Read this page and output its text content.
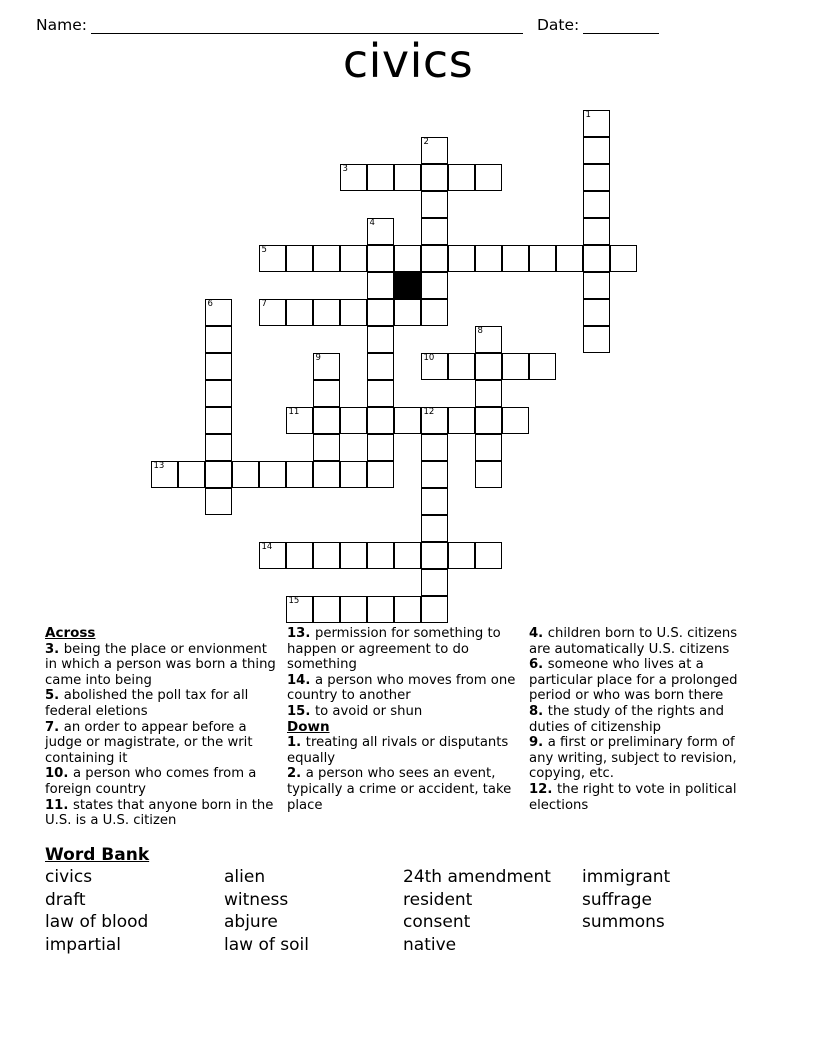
Name:	Date:
civics
1
2
3
4
5
6	7
8
9	10
11	12
13
14
15
Across
3. being the place or envionment in which a person was born a thing came into being
5. abolished the poll tax for all federal eletions
7. an order to appear before a judge or magistrate, or the writ containing it
10. a person who comes from a foreign country
11. states that anyone born in the U.S. is a U.S. citizen
13. permission for something to happen or agreement to do something
14. a person who moves from one country to another
15. to avoid or shun
Down
1. treating all rivals or disputants equally
2. a person who sees an event, typically a crime or accident, take place
4. children born to U.S. citizens are automatically U.S. citizens
6. someone who lives at a particular place for a prolonged period or who was born there
8. the study of the rights and duties of citizenship
9. a first or preliminary form of any writing, subject to revision, copying, etc.
12. the right to vote in political elections
Word Bank
civics
draft
law of blood
impartial
alien
witness
abjure
law of soil
24th amendment
resident
consent
native
immigrant
suffrage
summons
